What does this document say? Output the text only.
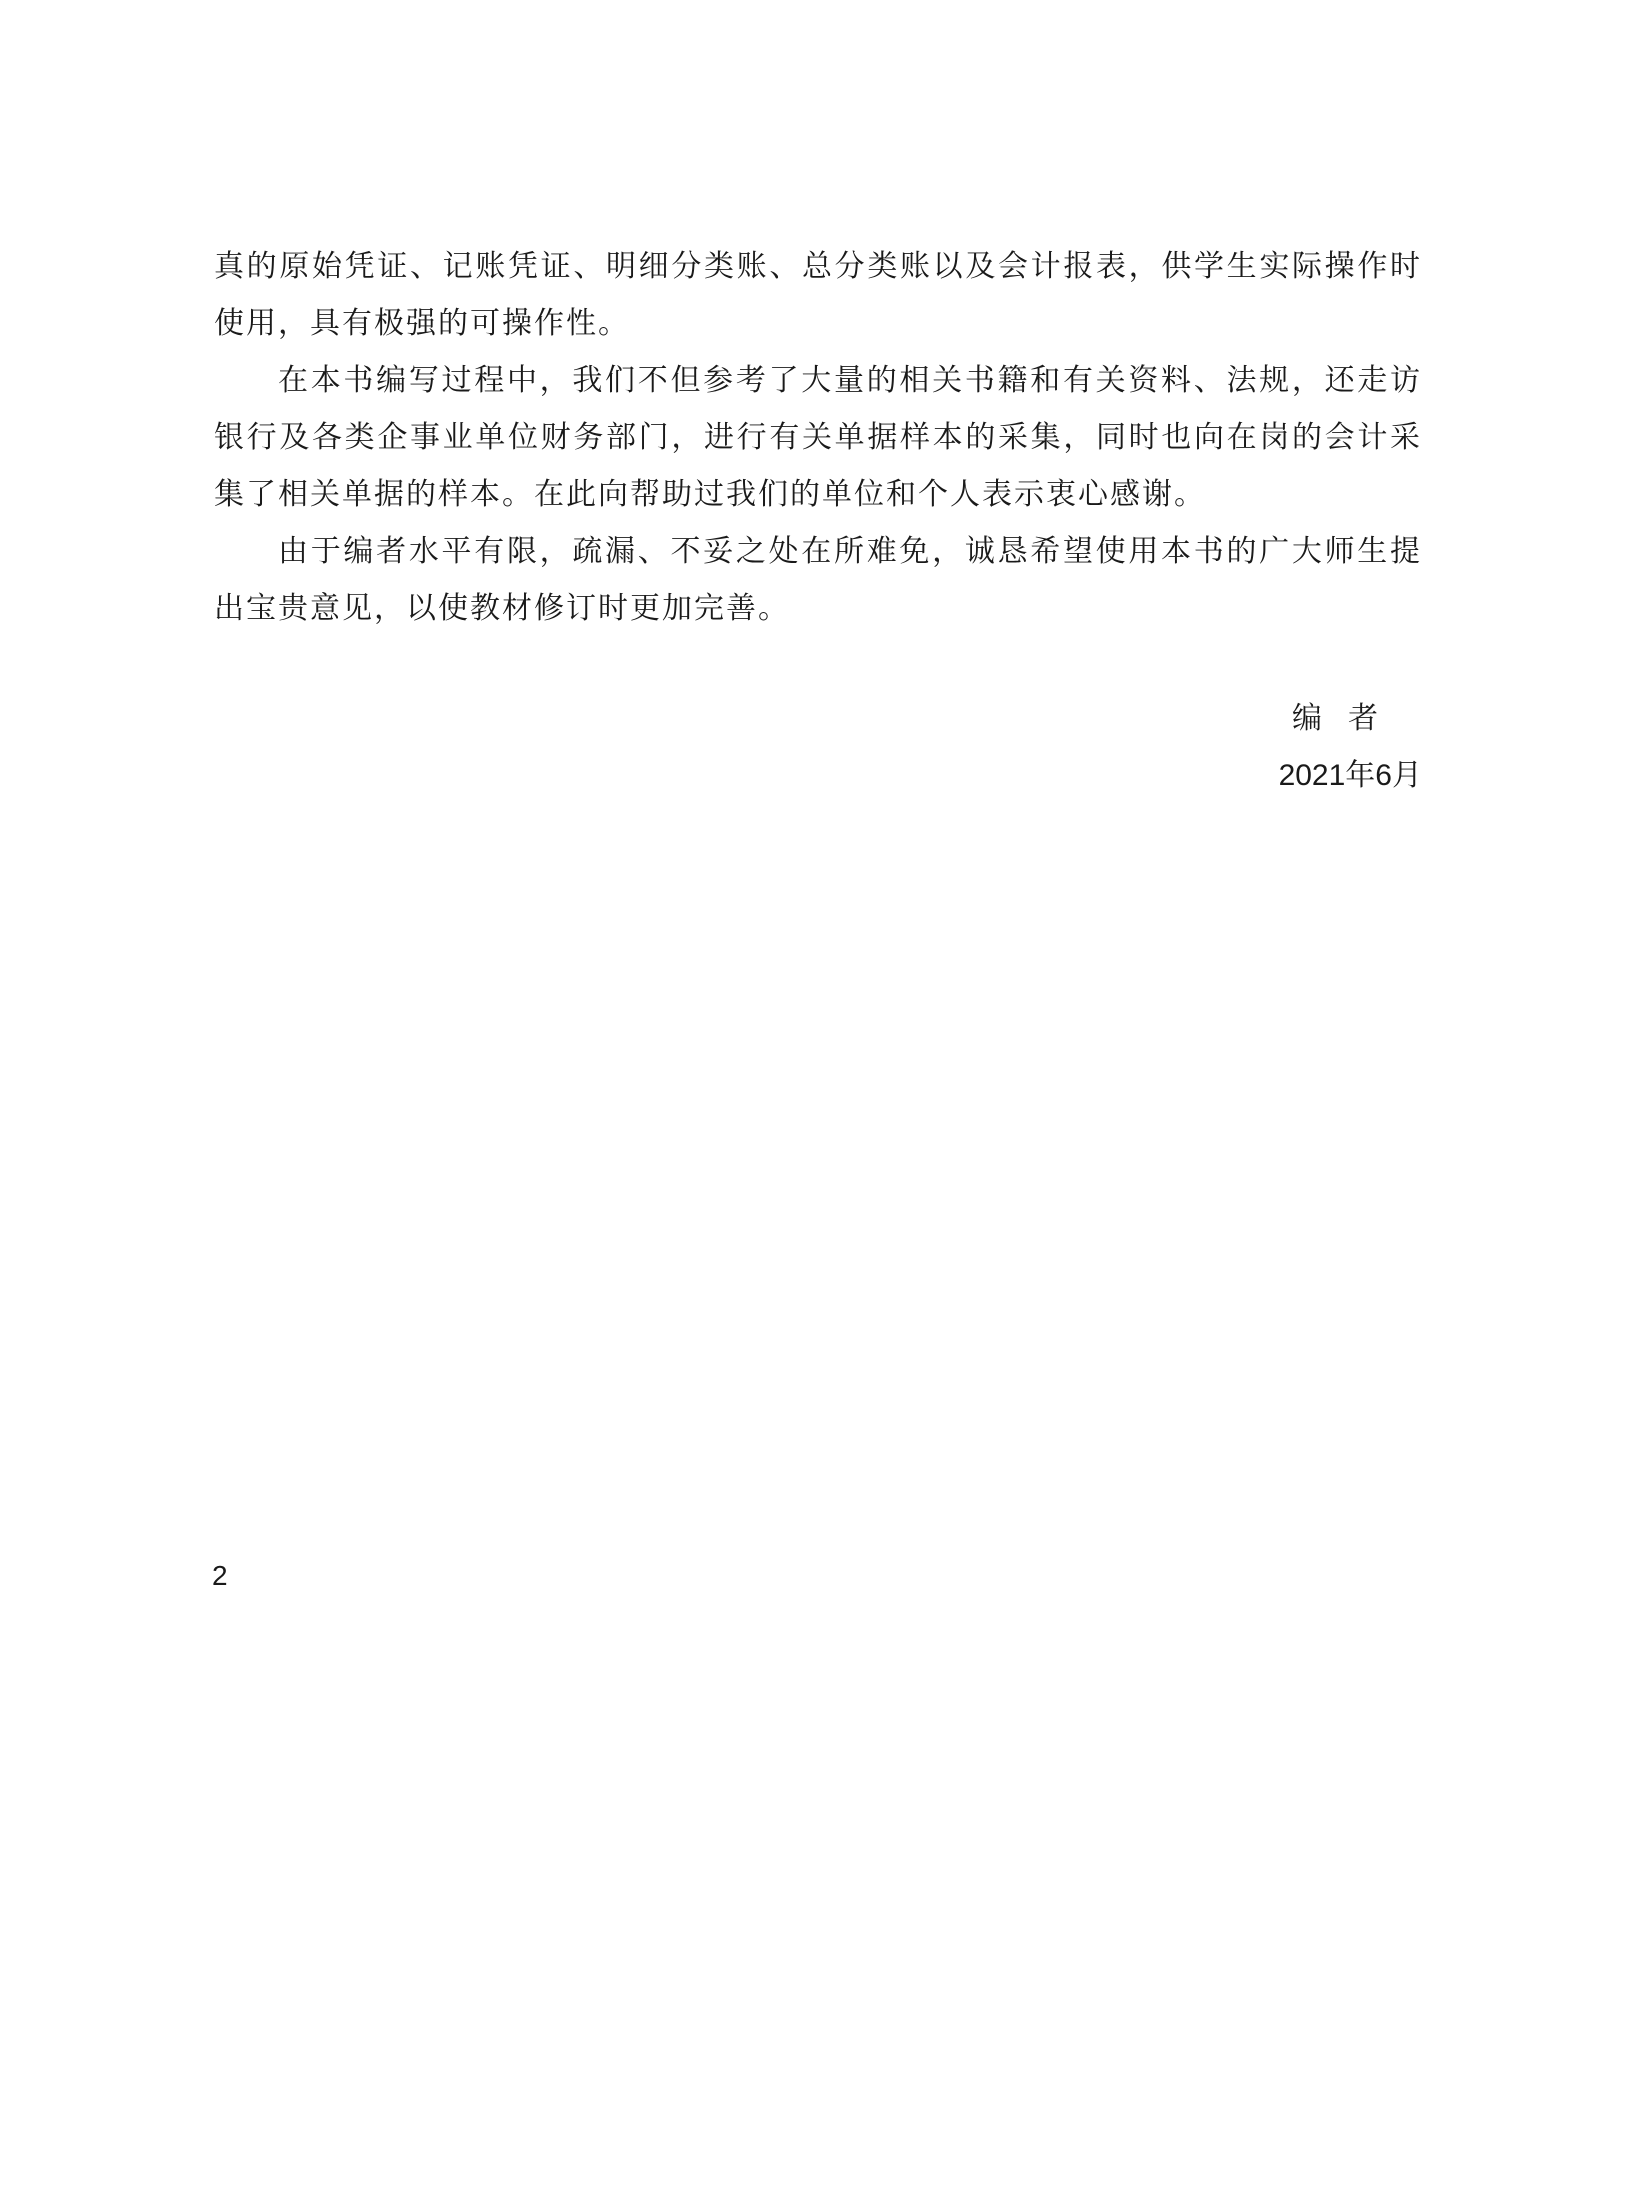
真的原始凭证、记账凭证、明细分类账、总分类账以及会计报表，供学生实际操作时使用，具有极强的可操作性。

在本书编写过程中，我们不但参考了大量的相关书籍和有关资料、法规，还走访银行及各类企事业单位财务部门，进行有关单据样本的采集，同时也向在岗的会计采集了相关单据的样本。在此向帮助过我们的单位和个人表示衷心感谢。

由于编者水平有限，疏漏、不妥之处在所难免，诚恳希望使用本书的广大师生提出宝贵意见，以使教材修订时更加完善。

编者
2021年6月
2
